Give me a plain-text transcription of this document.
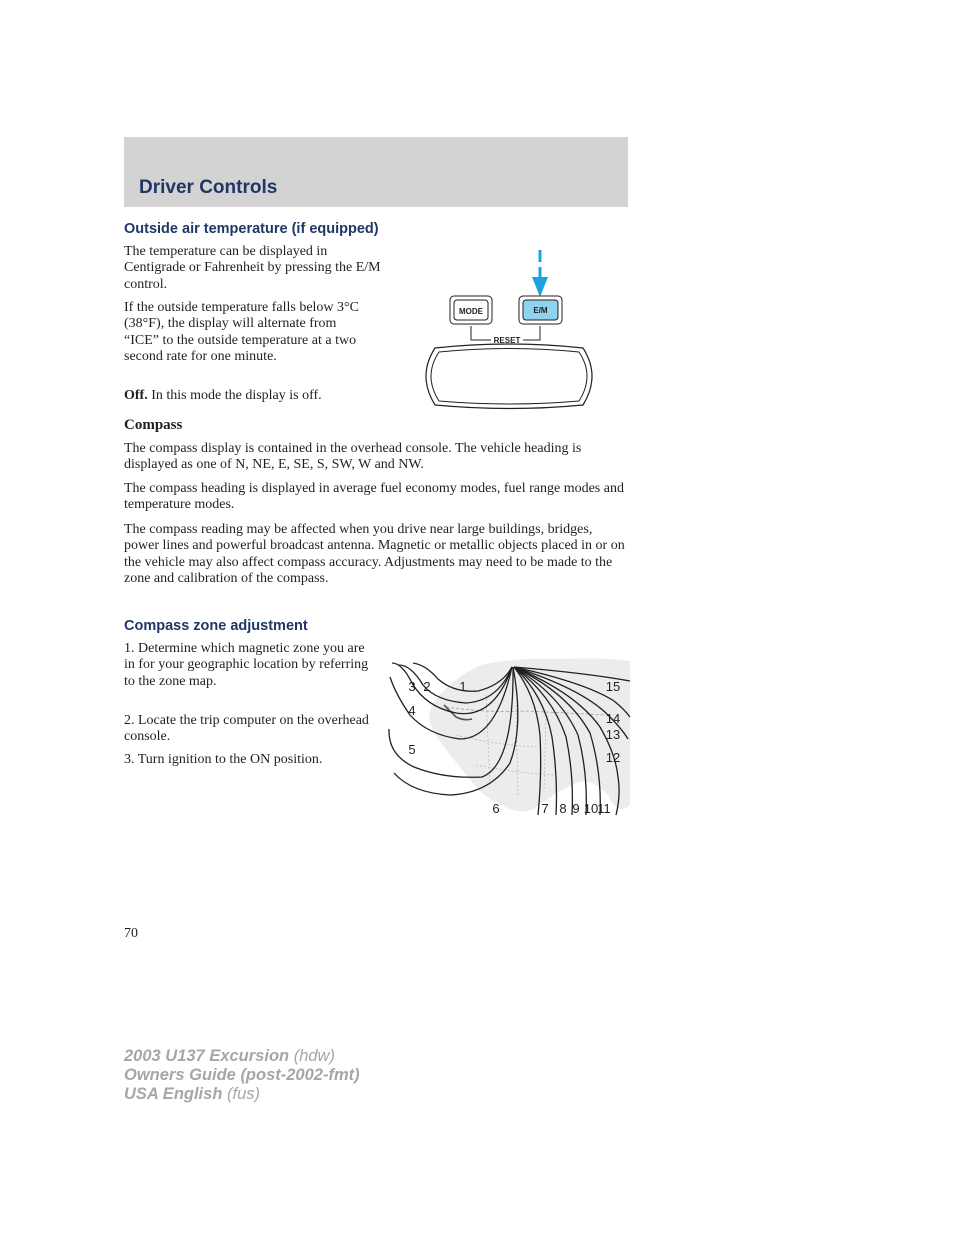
Driver Controls
Outside air temperature (if equipped)

The temperature can be displayed in Centigrade or Fahrenheit by pressing the E/M control.

If the outside temperature falls below 3°C (38°F), the display will alternate from “ICE” to the outside temperature at a two second rate for one minute.

Off. In this mode the display is off.

MODE	E/M
RESET
Compass

The compass display is contained in the overhead console. The vehicle heading is displayed as one of N, NE, E, SE, S, SW, W and NW.

The compass heading is displayed in average fuel economy modes, fuel range modes and temperature modes.

The compass reading may be affected when you drive near large buildings, bridges, power lines and powerful broadcast antenna. Magnetic or metallic objects placed in or on the vehicle may also affect compass accuracy. Adjustments may need to be made to the zone and calibration of the compass.

Compass zone adjustment

1. Determine which magnetic zone you are in for your geographic location by referring to the zone map.

2. Locate the trip computer on the overhead console.

3. Turn ignition to the ON position.

3 2 1
4
5
6	7 8 9 10 11
12
13
14
15

70

2003 U137 Excursion (hdw)
Owners Guide (post-2002-fmt)
USA English (fus)
